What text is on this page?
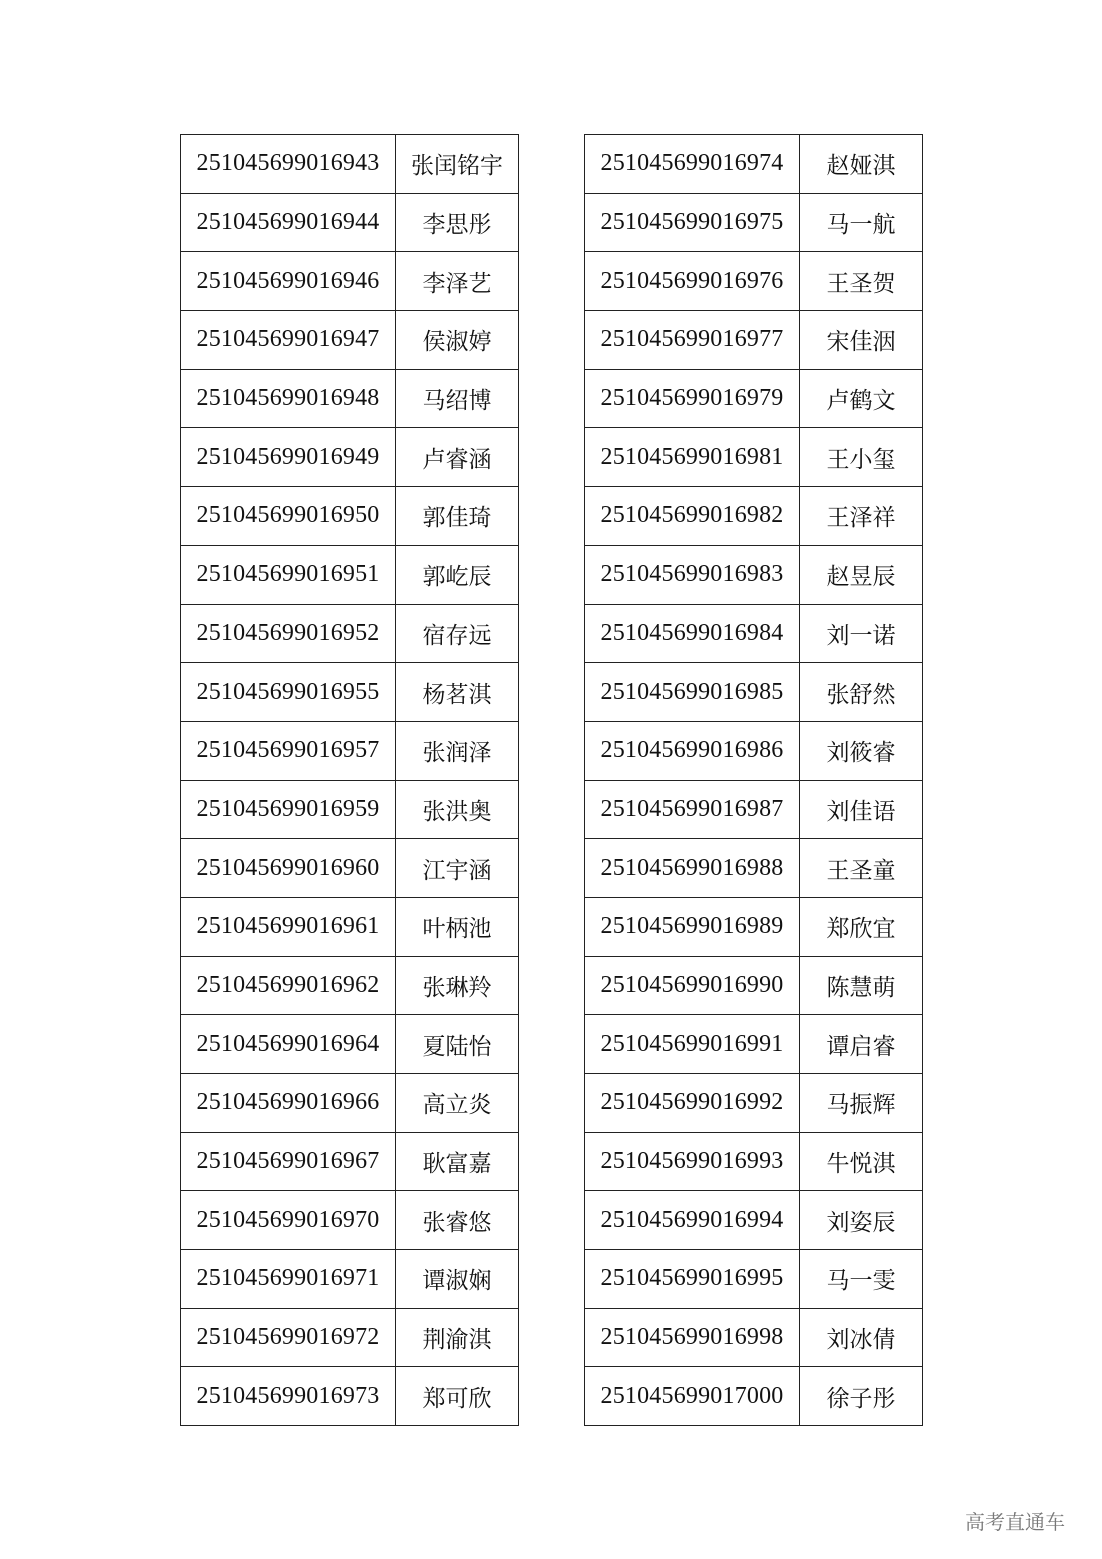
251045699016943	张闰铭宇
251045699016944	李思彤
251045699016946	李泽艺
251045699016947	侯淑婷
251045699016948	马绍博
251045699016949	卢睿涵
251045699016950	郭佳琦
251045699016951	郭屹辰
251045699016952	宿存远
251045699016955	杨茗淇
251045699016957	张润泽
251045699016959	张洪奥
251045699016960	江宇涵
251045699016961	叶柄池
251045699016962	张琳羚
251045699016964	夏陆怡
251045699016966	高立炎
251045699016967	耿富嘉
251045699016970	张睿悠
251045699016971	谭淑娴
251045699016972	荆渝淇
251045699016973	郑可欣
251045699016974	赵娅淇
251045699016975	马一航
251045699016976	王圣贺
251045699016977	宋佳洇
251045699016979	卢鹤文
251045699016981	王小玺
251045699016982	王泽祥
251045699016983	赵昱辰
251045699016984	刘一诺
251045699016985	张舒然
251045699016986	刘筱睿
251045699016987	刘佳语
251045699016988	王圣童
251045699016989	郑欣宜
251045699016990	陈慧萌
251045699016991	谭启睿
251045699016992	马振辉
251045699016993	牛悦淇
251045699016994	刘姿辰
251045699016995	马一雯
251045699016998	刘冰倩
251045699017000	徐子彤
高考直通车
